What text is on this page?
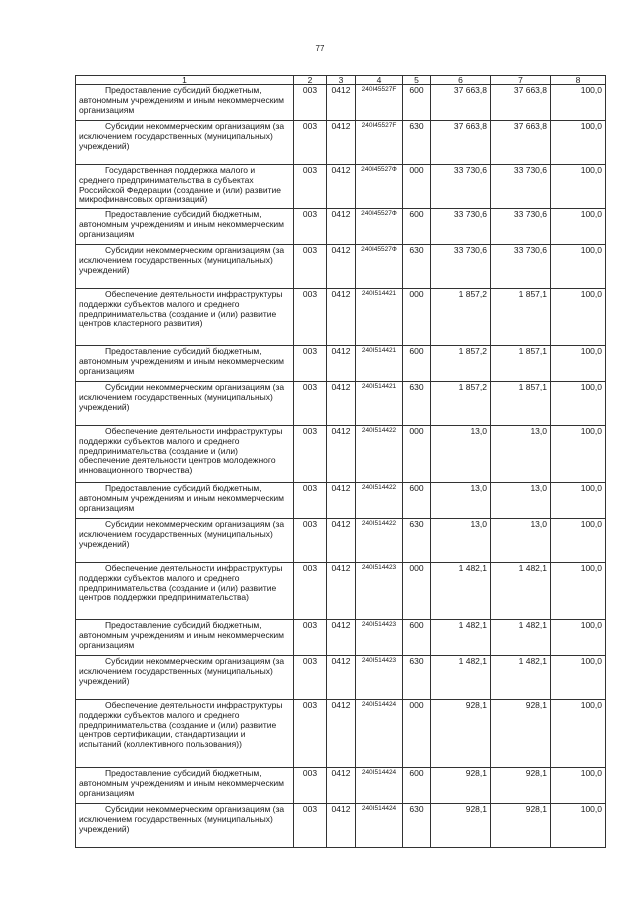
77
1	2	3	4	5	6	7	8

Предоставление субсидий бюджетным, автономным учреждениям и иным некоммерческим организациям	003	0412	240I45527F	600	37 663,8	37 663,8	100,0

Субсидии некоммерческим организациям (за исключением государственных (муниципальных) учреждений)	003	0412	240I45527F	630	37 663,8	37 663,8	100,0

Государственная поддержка малого и среднего предпринимательства в субъектах Российской Федерации (создание и (или) развитие микрофинансовых организаций)	003	0412	240I45527Ф	000	33 730,6	33 730,6	100,0

Предоставление субсидий бюджетным, автономным учреждениям и иным некоммерческим организациям	003	0412	240I45527Ф	600	33 730,6	33 730,6	100,0

Субсидии некоммерческим организациям (за исключением государственных (муниципальных) учреждений)	003	0412	240I45527Ф	630	33 730,6	33 730,6	100,0

Обеспечение деятельности инфраструктуры поддержки субъектов малого и среднего предпринимательства (создание и (или) развитие центров кластерного развития)	003	0412	240I514421	000	1 857,2	1 857,1	100,0

Предоставление субсидий бюджетным, автономным учреждениям и иным некоммерческим организациям	003	0412	240I514421	600	1 857,2	1 857,1	100,0

Субсидии некоммерческим организациям (за исключением государственных (муниципальных) учреждений)	003	0412	240I514421	630	1 857,2	1 857,1	100,0

Обеспечение деятельности инфраструктуры поддержки субъектов малого и среднего предпринимательства (создание и (или) обеспечение деятельности центров молодежного инновационного творчества)	003	0412	240I514422	000	13,0	13,0	100,0

Предоставление субсидий бюджетным, автономным учреждениям и иным некоммерческим организациям	003	0412	240I514422	600	13,0	13,0	100,0

Субсидии некоммерческим организациям (за исключением государственных (муниципальных) учреждений)	003	0412	240I514422	630	13,0	13,0	100,0

Обеспечение деятельности инфраструктуры поддержки субъектов малого и среднего предпринимательства (создание и (или) развитие центров поддержки предпринимательства)	003	0412	240I514423	000	1 482,1	1 482,1	100,0

Предоставление субсидий бюджетным, автономным учреждениям и иным некоммерческим организациям	003	0412	240I514423	600	1 482,1	1 482,1	100,0

Субсидии некоммерческим организациям (за исключением государственных (муниципальных) учреждений)	003	0412	240I514423	630	1 482,1	1 482,1	100,0

Обеспечение деятельности инфраструктуры поддержки субъектов малого и среднего предпринимательства (создание и (или) развитие центров сертификации, стандартизации и испытаний (коллективного пользования))	003	0412	240I514424	000	928,1	928,1	100,0

Предоставление субсидий бюджетным, автономным учреждениям и иным некоммерческим организациям	003	0412	240I514424	600	928,1	928,1	100,0

Субсидии некоммерческим организациям (за исключением государственных (муниципальных) учреждений)	003	0412	240I514424	630	928,1	928,1	100,0
